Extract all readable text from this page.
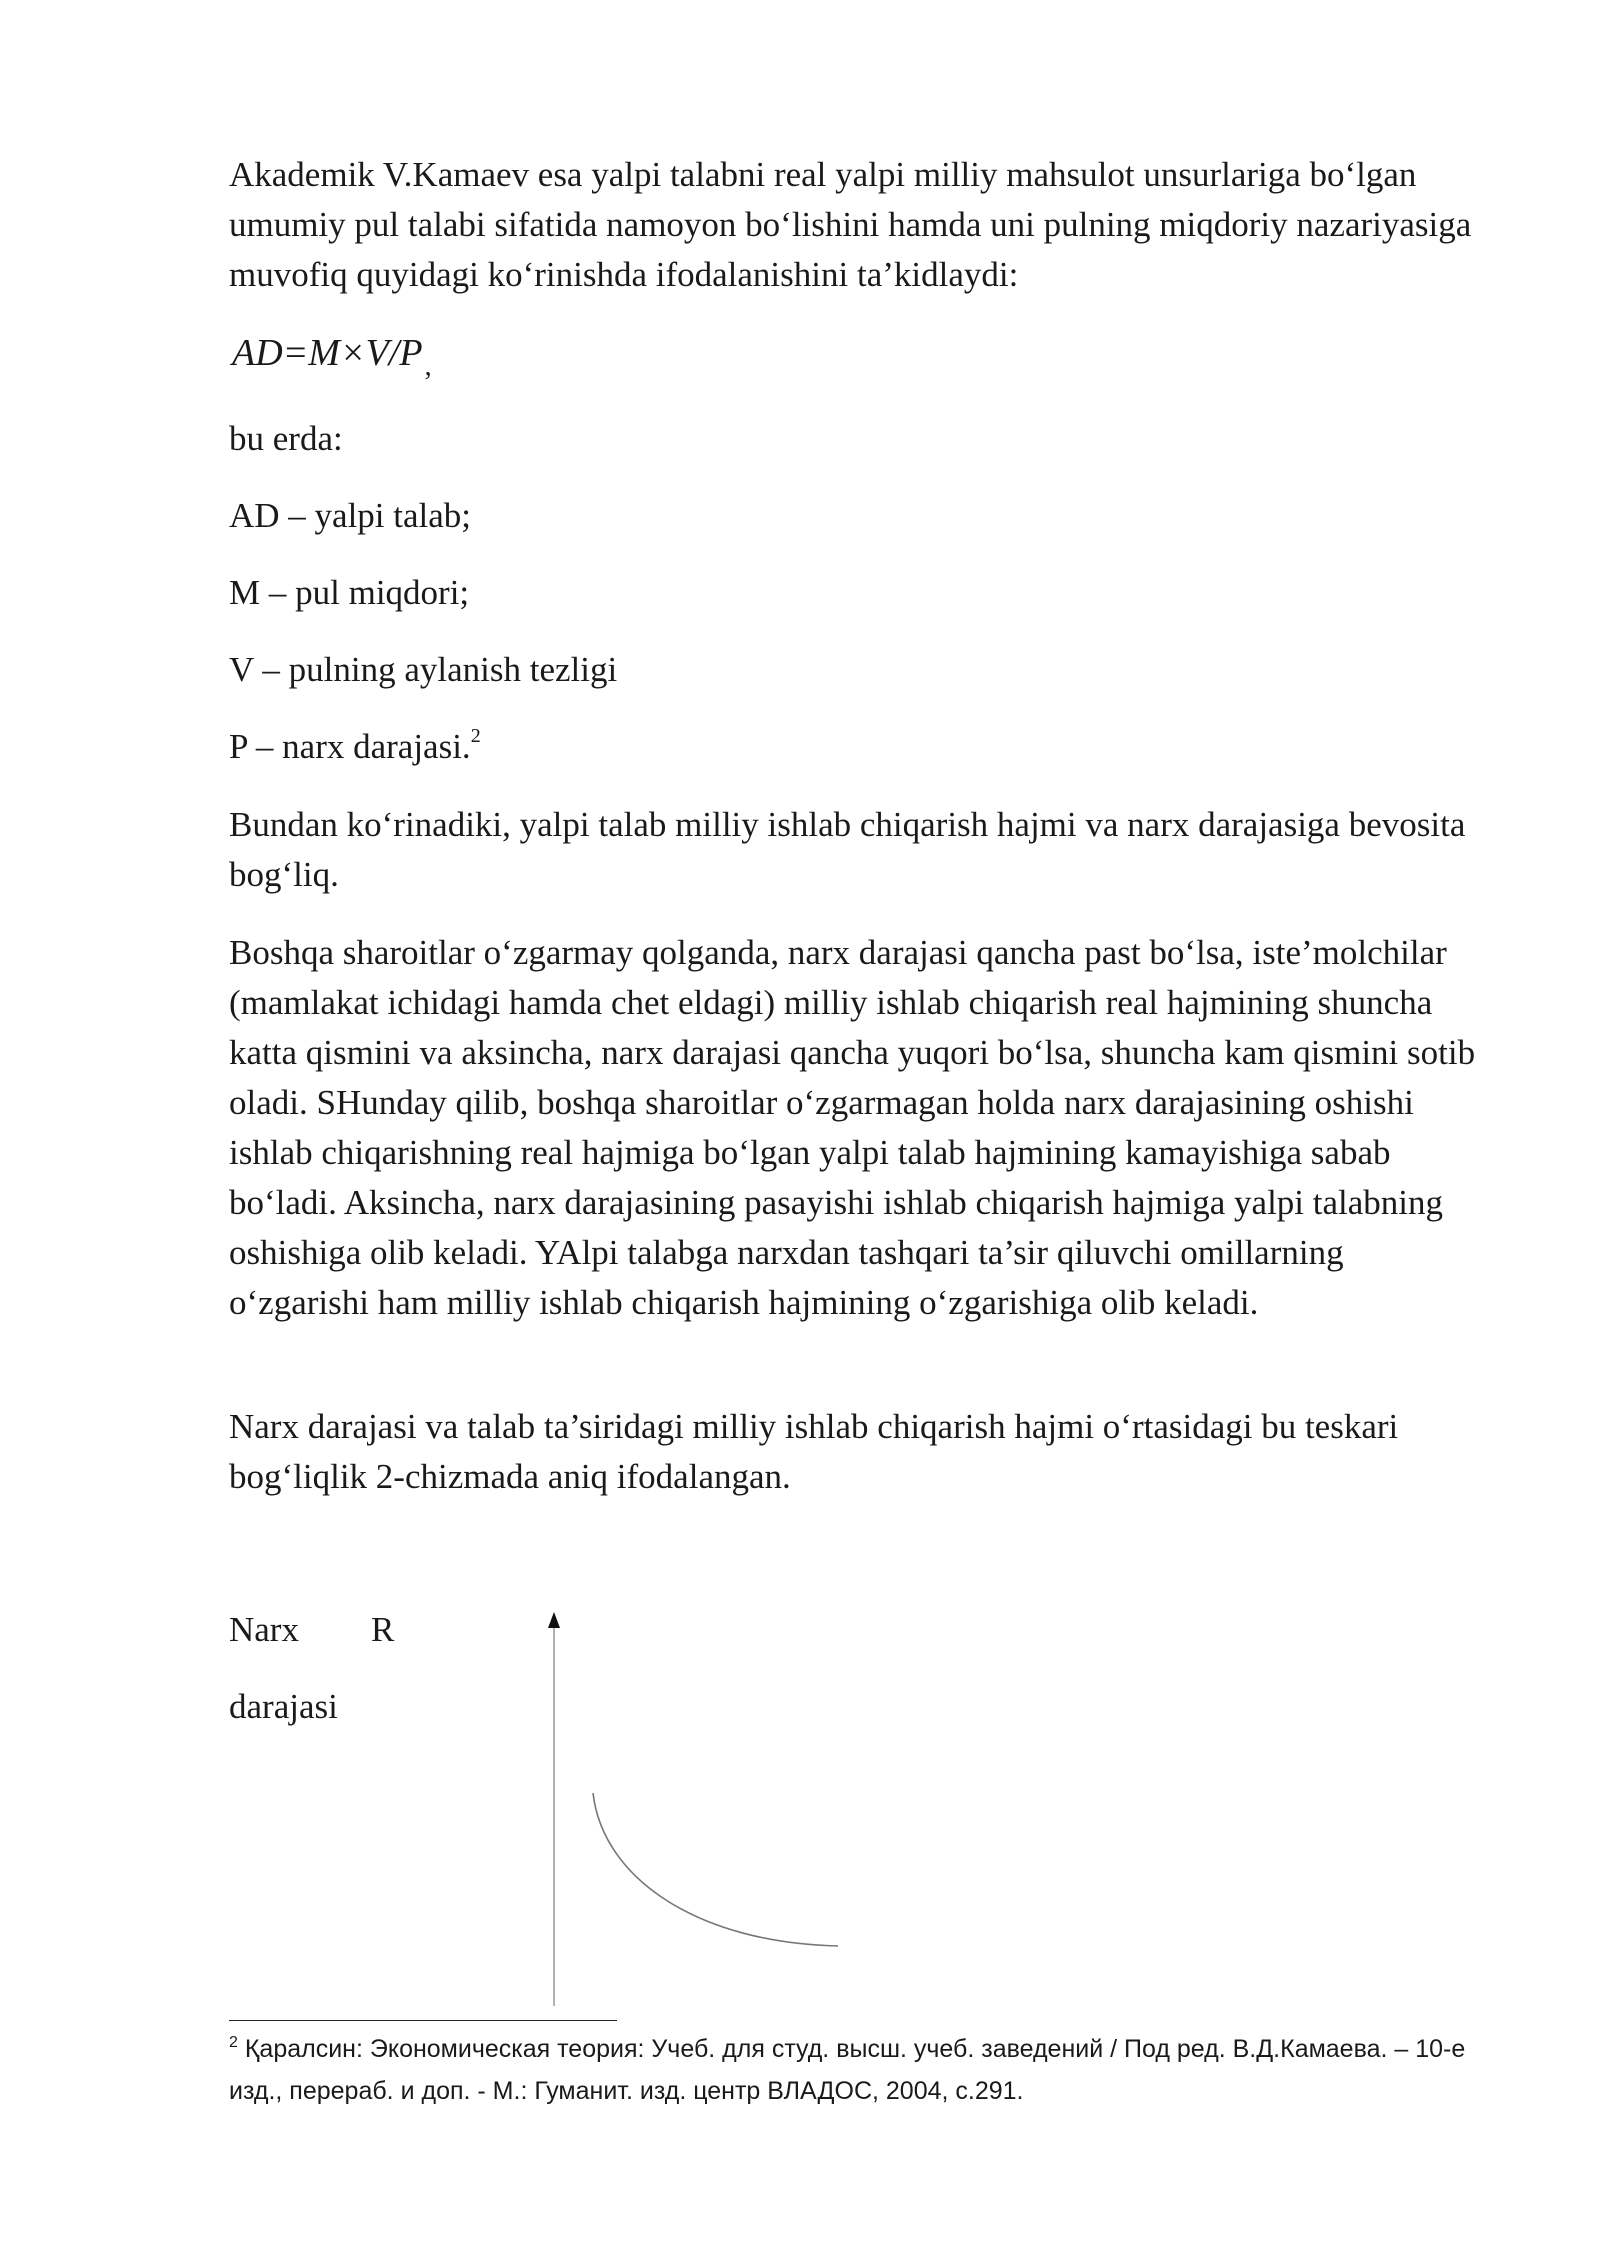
Akademik V.Kamaev esa yalpi talabni real yalpi milliy mahsulot unsurlariga bo‘lgan umumiy pul talabi sifatida namoyon bo‘lishini hamda uni pulning miqdoriy nazariyasiga muvofiq quyidagi ko‘rinishda ifodalanishini ta’kidlaydi:

$AD=M\times V/P_,$

bu erda:

AD – yalpi talab;

M – pul miqdori;

V – pulning aylanish tezligi

P – narx darajasi.$^2$

Bundan ko‘rinadiki, yalpi talab milliy ishlab chiqarish hajmi va narx darajasiga bevosita bog‘liq.

Boshqa sharoitlar o‘zgarmay qolganda, narx darajasi qancha past bo‘lsa, iste’molchilar (mamlakat ichidagi hamda chet eldagi) milliy ishlab chiqarish real hajmining shuncha katta qismini va aksincha, narx darajasi qancha yuqori bo‘lsa, shuncha kam qismini sotib oladi. SHunday qilib, boshqa sharoitlar o‘zgarmagan holda narx darajasining oshishi ishlab chiqarishning real hajmiga bo‘lgan yalpi talab hajmining kamayishiga sabab bo‘ladi. Aksincha, narx darajasining pasayishi ishlab chiqarish hajmiga yalpi talabning oshishiga olib keladi. YAlpi talabga narxdan tashqari ta’sir qiluvchi omillarning o‘zgarishi ham milliy ishlab chiqarish hajmining o‘zgarishiga olib keladi.

Narx darajasi va talab ta’siridagi milliy ishlab chiqarish hajmi o‘rtasidagi bu teskari bog‘liqlik 2-chizmada aniq ifodalangan.

Narx R

darajasi

$^2$ Қаралсин: Экономическая теория: Учеб. для студ. высш. учеб. заведений / Под ред. В.Д.Камаева. – 10-е изд., перераб. и доп. - М.: Гуманит. изд. центр ВЛАДОС, 2004, с.291.
